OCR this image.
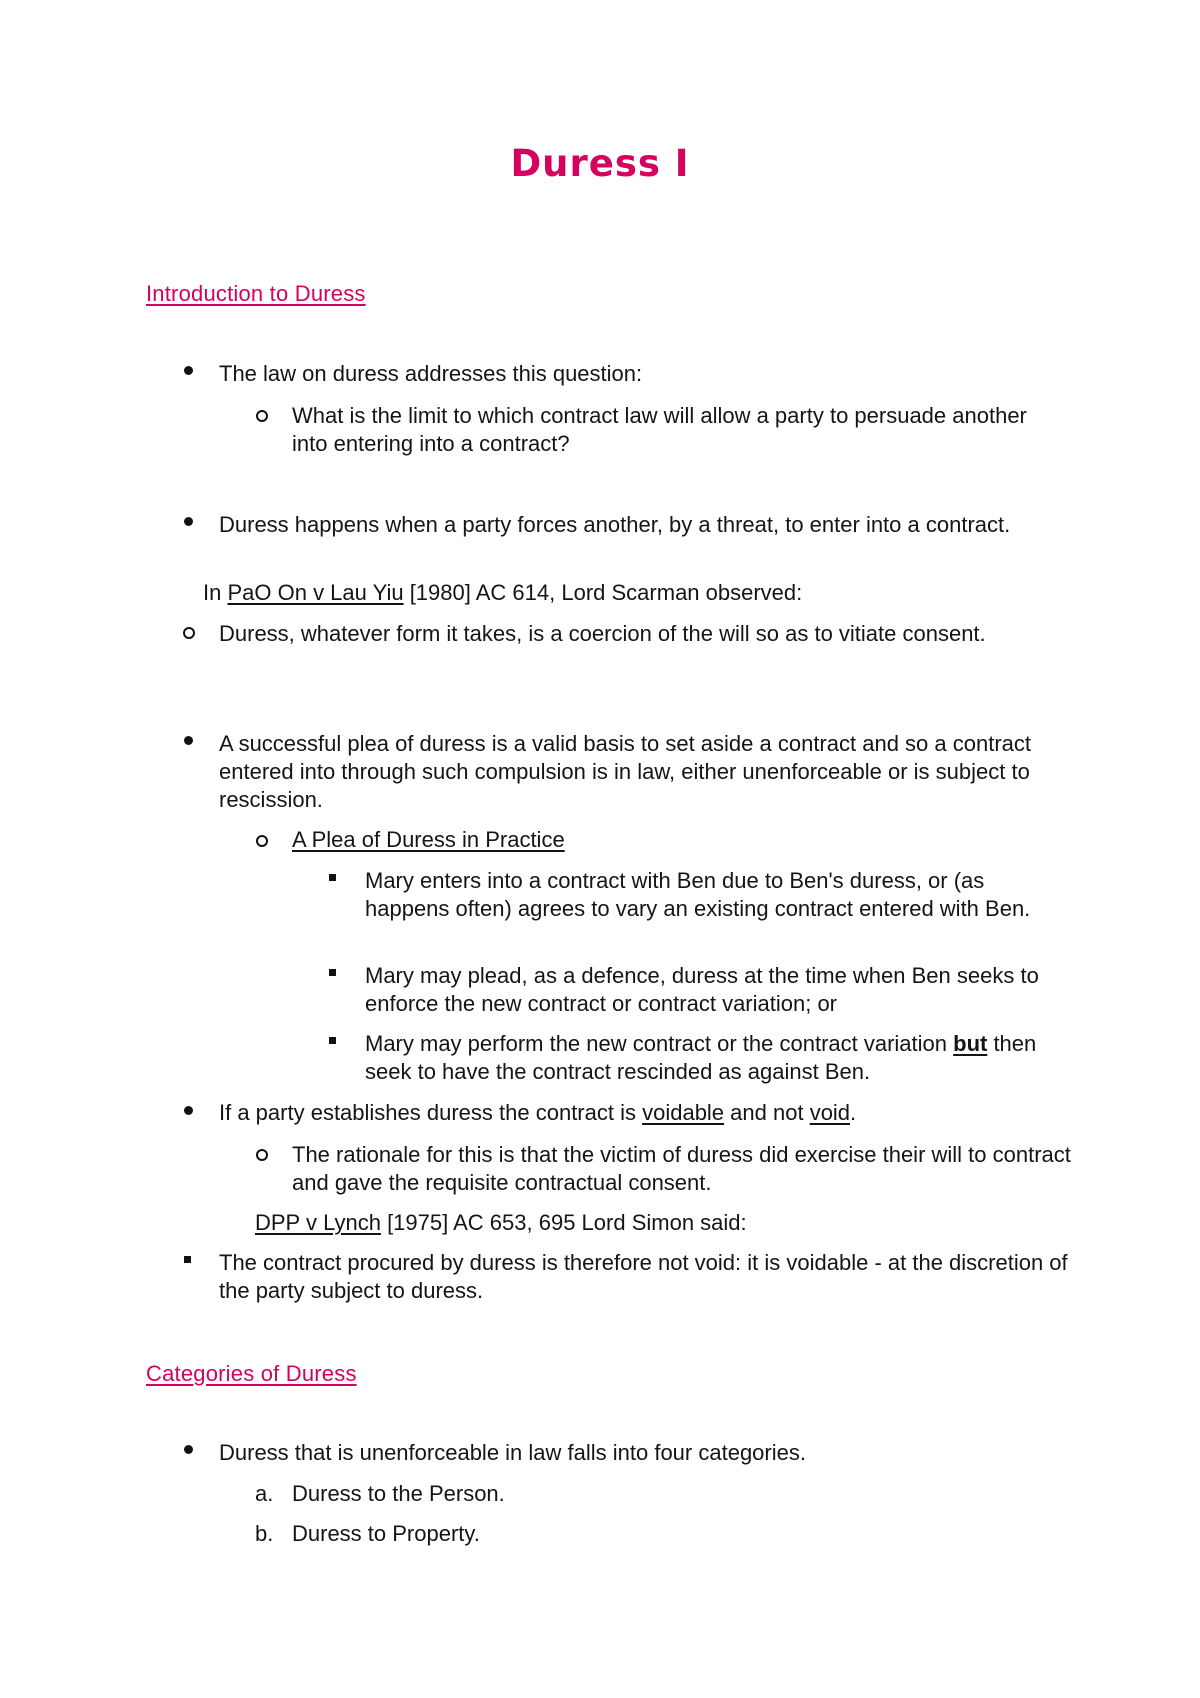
Duress I
Introduction to Duress
The law on duress addresses this question:
What is the limit to which contract law will allow a party to persuade another into entering into a contract?
Duress happens when a party forces another, by a threat, to enter into a contract.
In PaO On v Lau Yiu [1980] AC 614, Lord Scarman observed:
Duress, whatever form it takes, is a coercion of the will so as to vitiate consent.
A successful plea of duress is a valid basis to set aside a contract and so a contract entered into through such compulsion is in law, either unenforceable or is subject to rescission.
A Plea of Duress in Practice
Mary enters into a contract with Ben due to Ben's duress, or (as happens often) agrees to vary an existing contract entered with Ben.
Mary may plead, as a defence, duress at the time when Ben seeks to enforce the new contract or contract variation; or
Mary may perform the new contract or the contract variation but then seek to have the contract rescinded as against Ben.
If a party establishes duress the contract is voidable and not void.
The rationale for this is that the victim of duress did exercise their will to contract and gave the requisite contractual consent.
DPP v Lynch [1975] AC 653, 695 Lord Simon said:
The contract procured by duress is therefore not void: it is voidable - at the discretion of the party subject to duress.
Categories of Duress
Duress that is unenforceable in law falls into four categories.
a. Duress to the Person.
b. Duress to Property.
